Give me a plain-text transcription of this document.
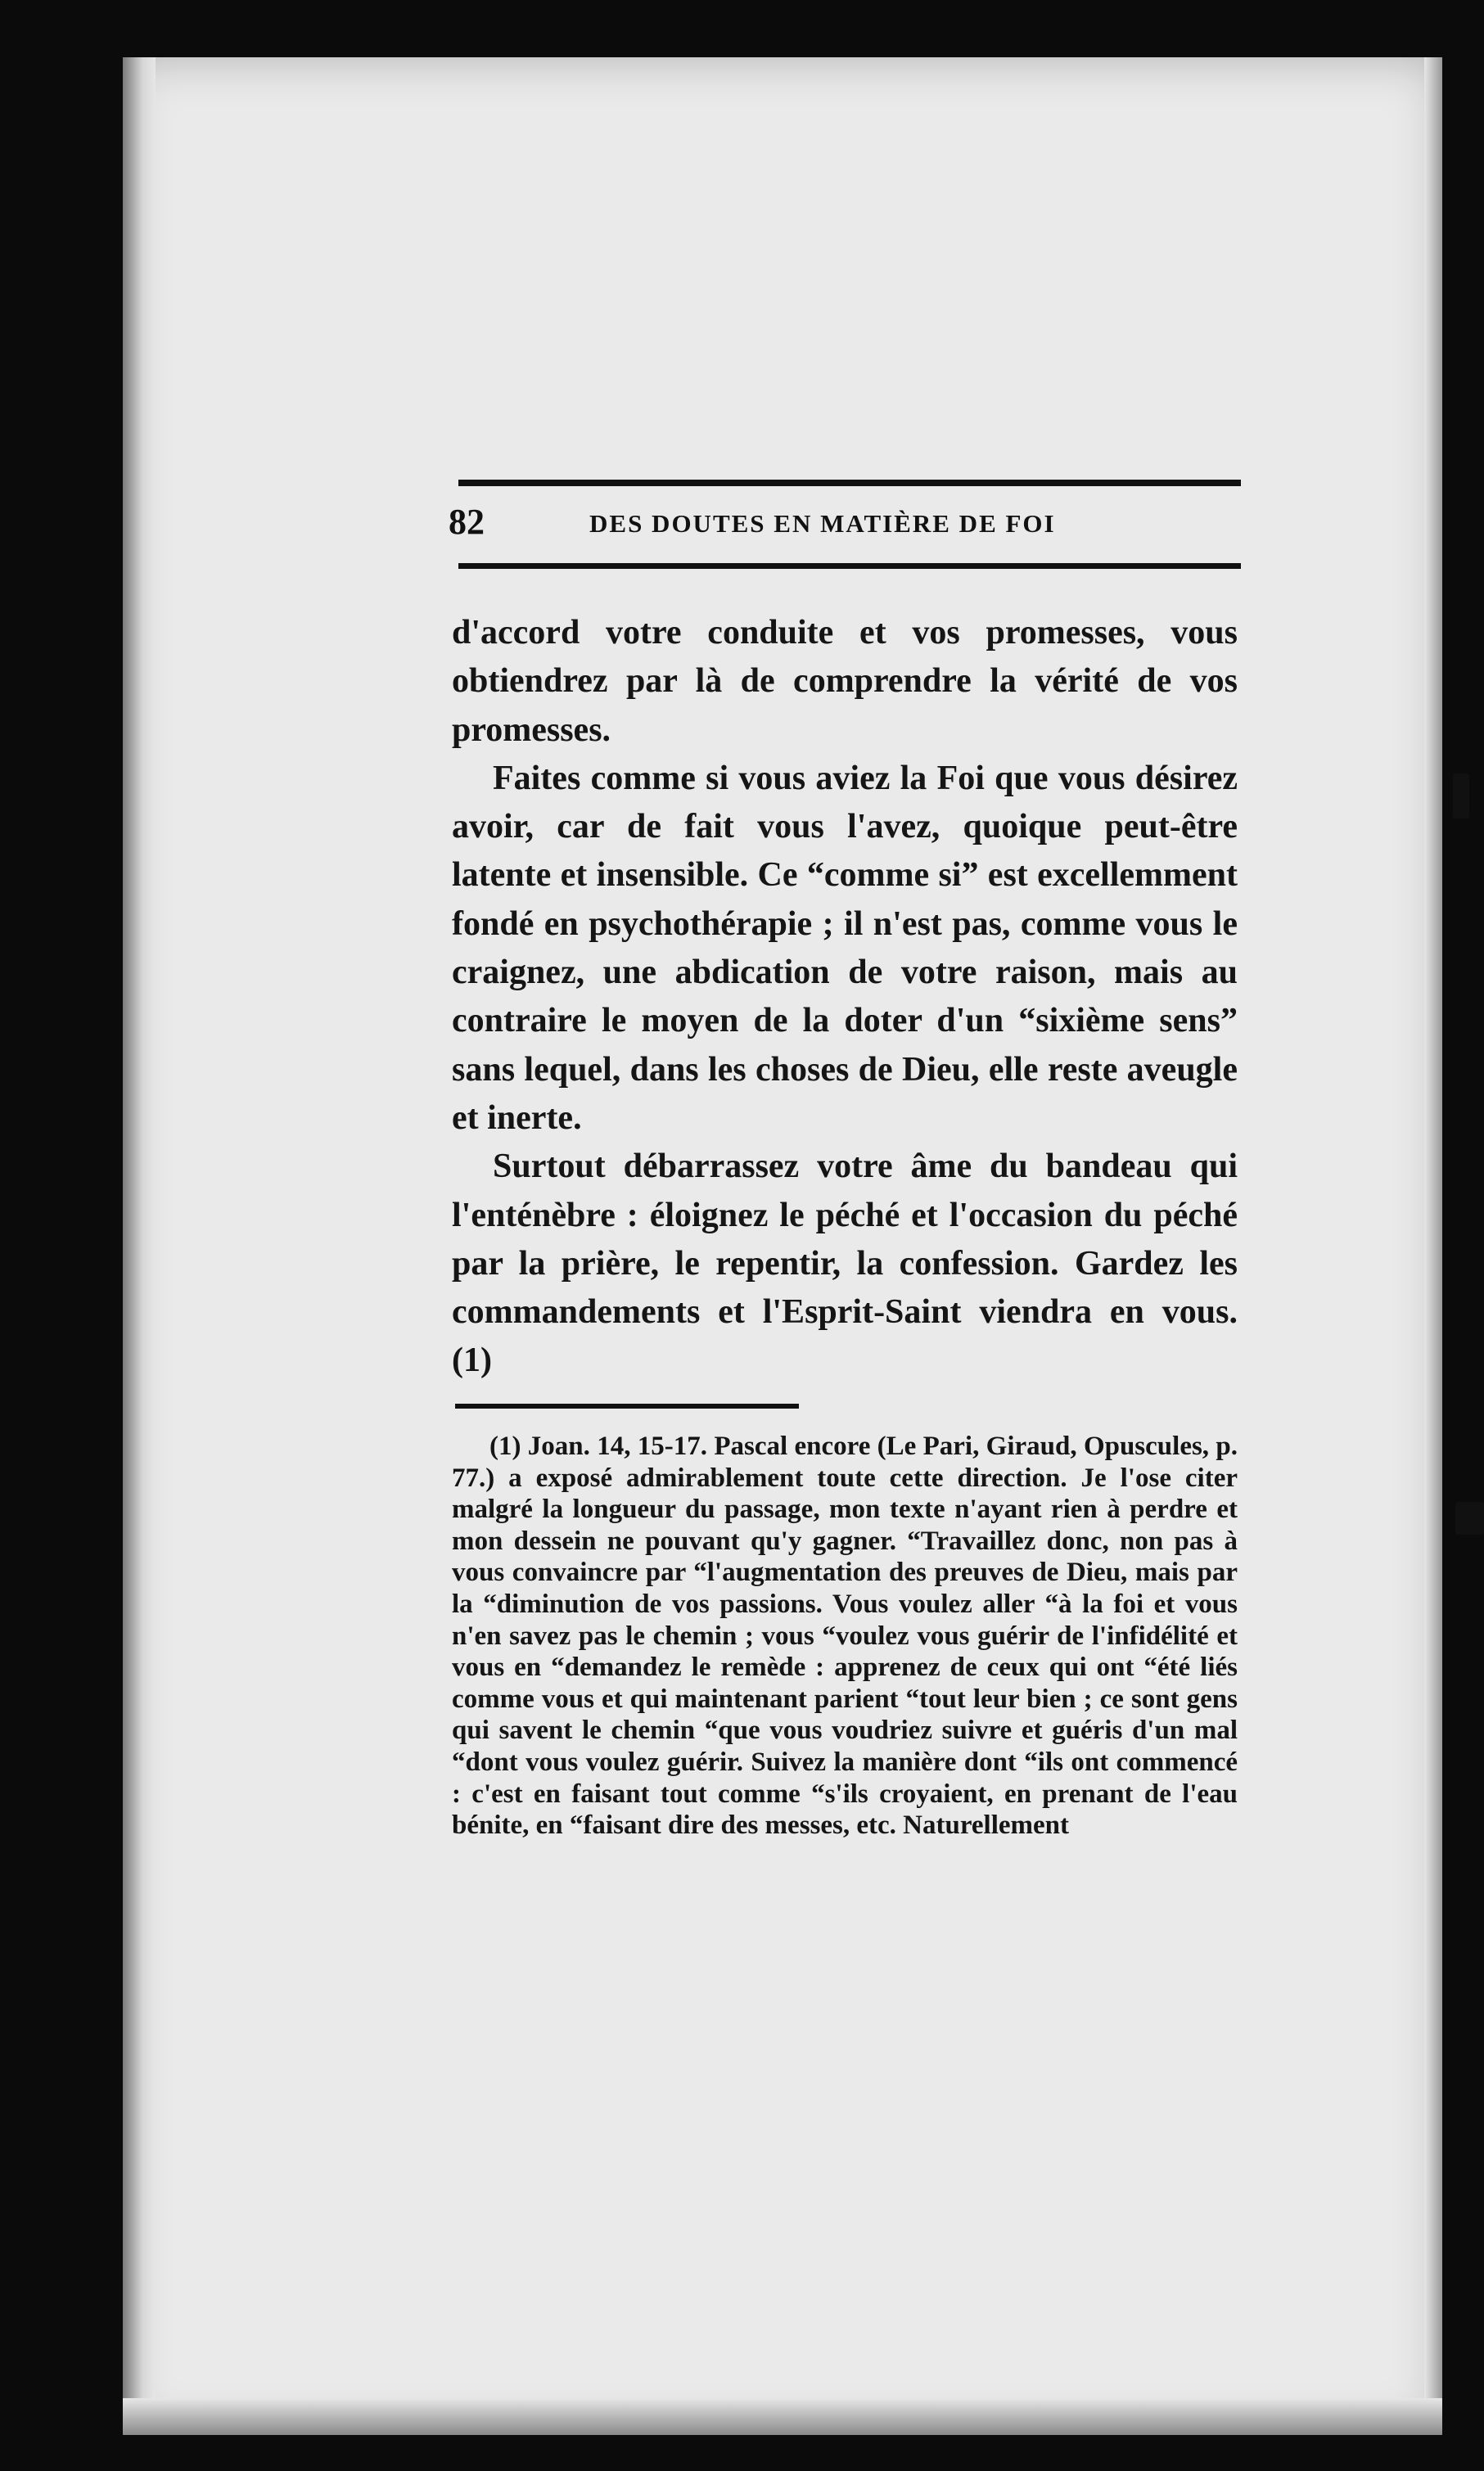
82	DES DOUTES EN MATIÈRE DE FOI

d'accord votre conduite et vos promesses, vous obtiendrez par là de comprendre la vérité de vos promesses.

Faites comme si vous aviez la Foi que vous désirez avoir, car de fait vous l'avez, quoique peut-être latente et insensible. Ce “comme si” est excellemment fondé en psychothérapie ; il n'est pas, comme vous le craignez, une abdication de votre raison, mais au contraire le moyen de la doter d'un “sixième sens” sans lequel, dans les choses de Dieu, elle reste aveugle et inerte.

Surtout débarrassez votre âme du bandeau qui l'enténèbre : éloignez le péché et l'occasion du péché par la prière, le repentir, la confession. Gardez les commandements et l'Esprit-Saint viendra en vous. (1)

(1) Joan. 14, 15-17. Pascal encore (Le Pari, Giraud, Opuscules, p. 77.) a exposé admirablement toute cette direction. Je l'ose citer malgré la longueur du passage, mon texte n'ayant rien à perdre et mon dessein ne pouvant qu'y gagner. “Travaillez donc, non pas à vous convaincre par “l'augmentation des preuves de Dieu, mais par la “diminution de vos passions. Vous voulez aller “à la foi et vous n'en savez pas le chemin ; vous “voulez vous guérir de l'infidélité et vous en “demandez le remède : apprenez de ceux qui ont “été liés comme vous et qui maintenant parient “tout leur bien ; ce sont gens qui savent le chemin “que vous voudriez suivre et guéris d'un mal “dont vous voulez guérir. Suivez la manière dont “ils ont commencé : c'est en faisant tout comme “s'ils croyaient, en prenant de l'eau bénite, en “faisant dire des messes, etc. Naturellement
